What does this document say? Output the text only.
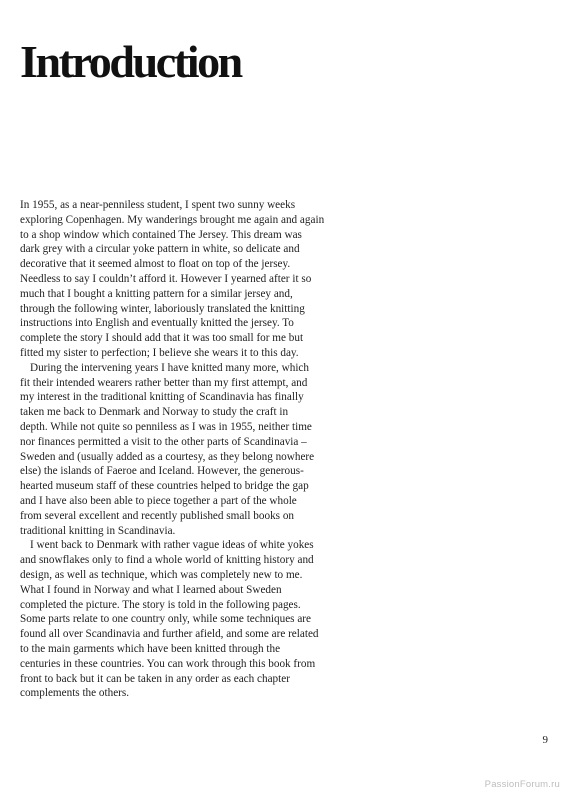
Introduction
In 1955, as a near-penniless student, I spent two sunny weeks
exploring Copenhagen. My wanderings brought me again and again
to a shop window which contained The Jersey. This dream was
dark grey with a circular yoke pattern in white, so delicate and
decorative that it seemed almost to float on top of the jersey.
Needless to say I couldn’t afford it. However I yearned after it so
much that I bought a knitting pattern for a similar jersey and,
through the following winter, laboriously translated the knitting
instructions into English and eventually knitted the jersey. To
complete the story I should add that it was too small for me but
fitted my sister to perfection; I believe she wears it to this day.
During the intervening years I have knitted many more, which
fit their intended wearers rather better than my first attempt, and
my interest in the traditional knitting of Scandinavia has finally
taken me back to Denmark and Norway to study the craft in
depth. While not quite so penniless as I was in 1955, neither time
nor finances permitted a visit to the other parts of Scandinavia –
Sweden and (usually added as a courtesy, as they belong nowhere
else) the islands of Faeroe and Iceland. However, the generous-
hearted museum staff of these countries helped to bridge the gap
and I have also been able to piece together a part of the whole
from several excellent and recently published small books on
traditional knitting in Scandinavia.
I went back to Denmark with rather vague ideas of white yokes
and snowflakes only to find a whole world of knitting history and
design, as well as technique, which was completely new to me.
What I found in Norway and what I learned about Sweden
completed the picture. The story is told in the following pages.
Some parts relate to one country only, while some techniques are
found all over Scandinavia and further afield, and some are related
to the main garments which have been knitted through the
centuries in these countries. You can work through this book from
front to back but it can be taken in any order as each chapter
complements the others.
9
PassionForum.ru
